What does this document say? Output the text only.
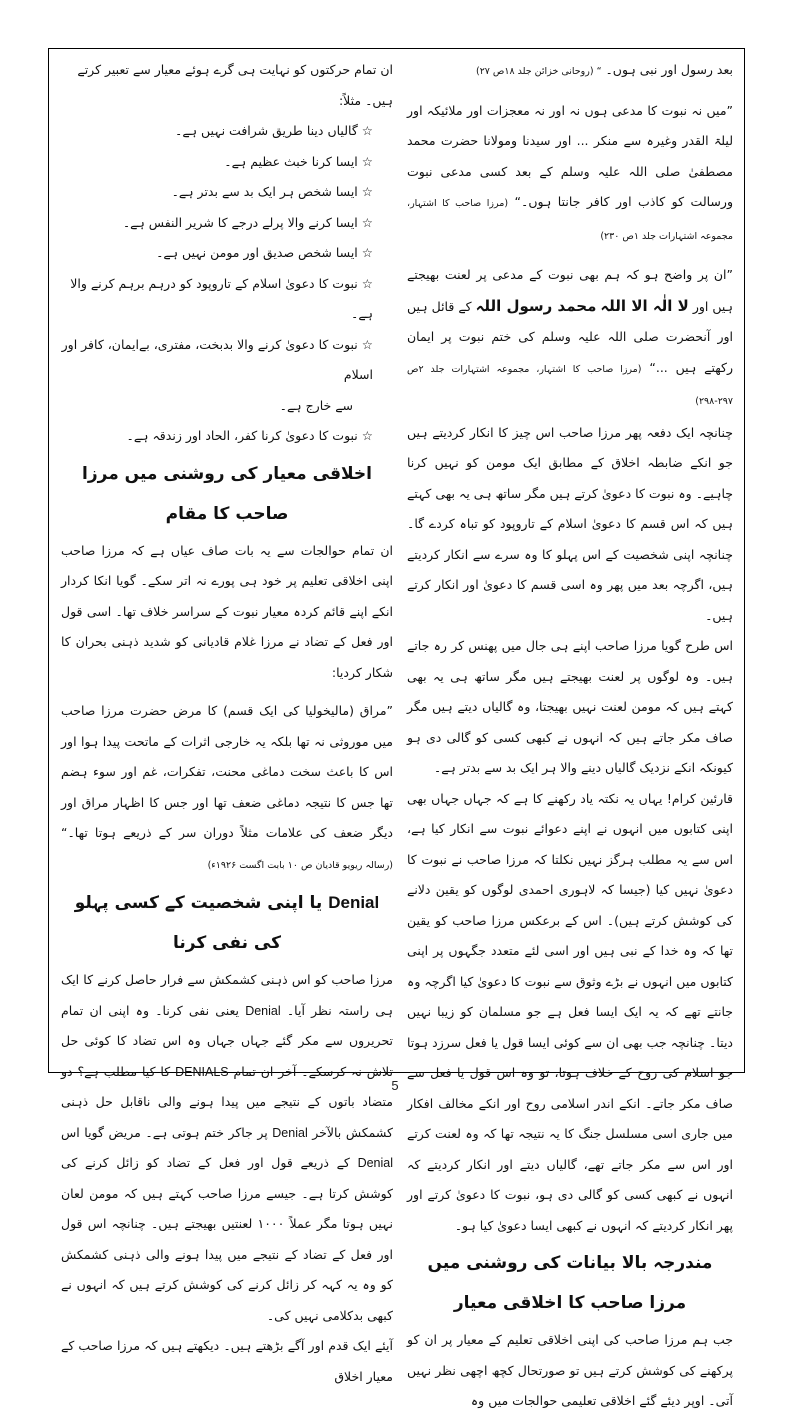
بعد رسول اور نبی ہوں۔ “ (روحانی خزائن جلد ۱۸ص ۲۷)

”میں نہ نبوت کا مدعی ہوں نہ اور نہ معجزات اور ملائیکہ اور لیلۃ القدر وغیرہ سے منکر ... اور سیدنا ومولانا حضرت محمد مصطفیٰ صلی اللہ علیہ وسلم کے بعد کسی مدعی نبوت ورسالت کو کاذب اور کافر جانتا ہوں۔“ (مرزا صاحب کا اشتہار، مجموعہ اشتہارات جلد ۱ص ۲۳۰)

”ان پر واضح ہو کہ ہم بھی نبوت کے مدعی پر لعنت بھیجتے ہیں اور لا الٰہ الا اللہ محمد رسول اللہ کے قائل ہیں اور آنحضرت صلی اللہ علیہ وسلم کی ختم نبوت پر ایمان رکھتے ہیں ...“ (مرزا صاحب کا اشتہار، مجموعہ اشتہارات جلد ۲ص ۲۹۷-۲۹۸)

چنانچہ ایک دفعہ پھر مرزا صاحب اس چیز کا انکار کردیتے ہیں جو انکے ضابطہ اخلاق کے مطابق ایک مومن کو نہیں کرنا چاہیے۔ وہ نبوت کا دعویٰ کرتے ہیں مگر ساتھ ہی یہ بھی کہتے ہیں کہ اس قسم کا دعویٰ اسلام کے تاروپود کو تباہ کردے گا۔ چنانچہ اپنی شخصیت کے اس پہلو کا وہ سرے سے انکار کردیتے ہیں، اگرچہ بعد میں پھر وہ اسی قسم کا دعویٰ اور انکار کرتے ہیں۔

اس طرح گویا مرزا صاحب اپنے ہی جال میں پھنس کر رہ جاتے ہیں۔ وہ لوگوں پر لعنت بھیجتے ہیں مگر ساتھ ہی یہ بھی کہتے ہیں کہ مومن لعنت نہیں بھیجتا، وہ گالیاں دیتے ہیں مگر صاف مکر جاتے ہیں کہ انہوں نے کبھی کسی کو گالی دی ہو کیونکہ انکے نزدیک گالیاں دینے والا ہر ایک بد سے بدتر ہے۔

قارئین کرام! یہاں یہ نکتہ یاد رکھنے کا ہے کہ جہاں جہاں بھی اپنی کتابوں میں انہوں نے اپنے دعوائے نبوت سے انکار کیا ہے، اس سے یہ مطلب ہرگز نہیں نکلتا کہ مرزا صاحب نے نبوت کا دعویٰ نہیں کیا (جیسا کہ لاہوری احمدی لوگوں کو یقین دلانے کی کوشش کرتے ہیں)۔ اس کے برعکس مرزا صاحب کو یقین تھا کہ وہ خدا کے نبی ہیں اور اسی لئے متعدد جگہوں پر اپنی کتابوں میں انہوں نے بڑے وثوق سے نبوت کا دعویٰ کیا اگرچہ وہ جانتے تھے کہ یہ ایک ایسا فعل ہے جو مسلمان کو زیبا نہیں دیتا۔ چنانچہ جب بھی ان سے کوئی ایسا قول یا فعل سرزد ہوتا جو اسلام کی روح کے خلاف ہوتا، تو وہ اس قول یا فعل سے صاف مکر جاتے۔ انکے اندر اسلامی روح اور انکے مخالف افکار میں جاری اسی مسلسل جنگ کا یہ نتیجہ تھا کہ وہ لعنت کرتے اور اس سے مکر جاتے تھے، گالیاں دیتے اور انکار کردیتے کہ انہوں نے کبھی کسی کو گالی دی ہو، نبوت کا دعویٰ کرتے اور پھر انکار کردیتے کہ انہوں نے کبھی ایسا دعویٰ کیا ہو۔

مندرجہ بالا بیانات کی روشنی میں مرزا صاحب کا اخلاقی معیار

جب ہم مرزا صاحب کی اپنی اخلاقی تعلیم کے معیار پر ان کو پرکھنے کی کوشش کرتے ہیں تو صورتحال کچھ اچھی نظر نہیں آتی۔ اوپر دیئے گئے اخلاقی تعلیمی حوالجات میں وہ

ان تمام حرکتوں کو نہایت ہی گرے ہوئے معیار سے تعبیر کرتے ہیں۔ مثلاً:

☆ گالیاں دینا طریق شرافت نہیں ہے۔
☆ ایسا کرنا خبث عظیم ہے۔
☆ ایسا شخص ہر ایک بد سے بدتر ہے۔
☆ ایسا کرنے والا پرلے درجے کا شریر النفس ہے۔
☆ ایسا شخص صدیق اور مومن نہیں ہے۔
☆ نبوت کا دعویٰ اسلام کے تاروپود کو درہم برہم کرنے والا ہے۔
☆ نبوت کا دعویٰ کرنے والا بدبخت، مفتری، بےایمان، کافر اور اسلام
سے خارج ہے۔
☆ نبوت کا دعویٰ کرنا کفر، الحاد اور زندقہ ہے۔
اخلاقی معیار کی روشنی میں مرزا صاحب کا مقام

ان تمام حوالجات سے یہ بات صاف عیاں ہے کہ مرزا صاحب اپنی اخلاقی تعلیم پر خود ہی پورے نہ اتر سکے۔ گویا انکا کردار انکے اپنے قائم کردہ معیار نبوت کے سراسر خلاف تھا۔ اسی قول اور فعل کے تضاد نے مرزا غلام قادیانی کو شدید ذہنی بحران کا شکار کردیا:

”مراق (مالیخولیا کی ایک قسم) کا مرض حضرت مرزا صاحب میں موروثی نہ تھا بلکہ یہ خارجی اثرات کے ماتحت پیدا ہوا اور اس کا باعث سخت دماغی محنت، تفکرات، غم اور سوء ہضم تھا جس کا نتیجہ دماغی ضعف تھا اور جس کا اظہار مراق اور دیگر ضعف کی علامات مثلاً دوران سر کے ذریعے ہوتا تھا۔“ (رسالہ ریویو قادیان ص ۱۰ بابت اگست ۱۹۲۶ء)

Denial یا اپنی شخصیت کے کسی پہلو کی نفی کرنا

مرزا صاحب کو اس ذہنی کشمکش سے فرار حاصل کرنے کا ایک ہی راستہ نظر آیا۔ Denial یعنی نفی کرنا۔ وہ اپنی ان تمام تحریروں سے مکر گئے جہاں جہاں وہ اس تضاد کا کوئی حل تلاش نہ کرسکے۔ آخر ان تمام DENIALS کا کیا مطلب ہے؟ دو متضاد باتوں کے نتیجے میں پیدا ہونے والی ناقابل حل ذہنی کشمکش بالآخر Denial پر جاکر ختم ہوتی ہے۔ مریض گویا اس Denial کے ذریعے قول اور فعل کے تضاد کو زائل کرنے کی کوشش کرتا ہے۔ جیسے مرزا صاحب کہتے ہیں کہ مومن لعان نہیں ہوتا مگر عملاً ۱۰۰۰ لعنتیں بھیجتے ہیں۔ چنانچہ اس قول اور فعل کے تضاد کے نتیجے میں پیدا ہونے والی ذہنی کشمکش کو وہ یہ کہہ کر زائل کرنے کی کوشش کرتے ہیں کہ انہوں نے کبھی بدکلامی نہیں کی۔

آیئے ایک قدم اور آگے بڑھتے ہیں۔ دیکھتے ہیں کہ مرزا صاحب کے معیار اخلاق

5
